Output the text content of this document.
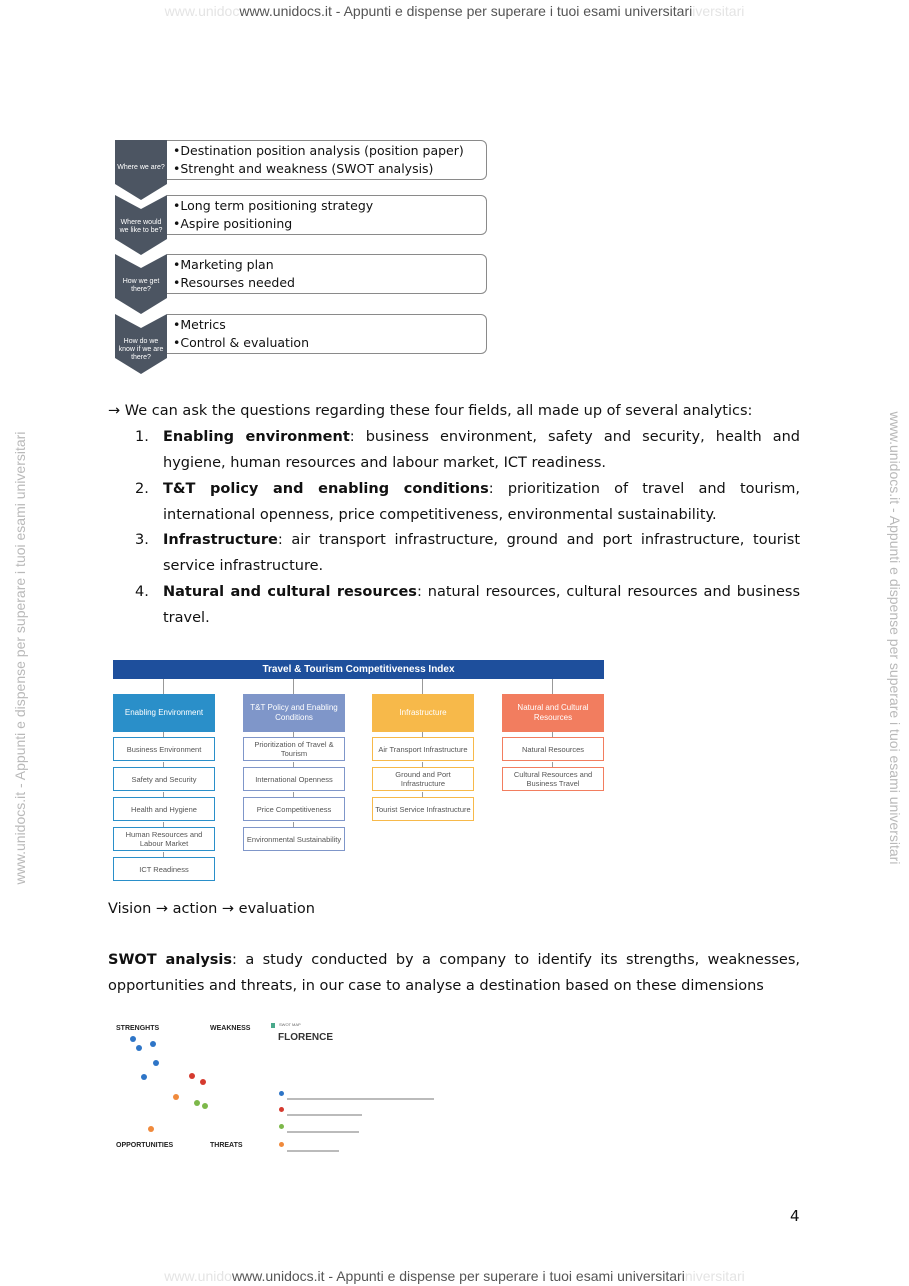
www.unidocwww.unidocs.it - Appunti e dispense per superare i tuoi esami universitariiversitari
www.unidocs.it - Appunti e dispense per superare i tuoi esami universitari	www.unidocs.it - Appunti e dispense per superare i tuoi esami universitari
Where we are?
• Destination position analysis (position paper)
• Strenght and weakness (SWOT analysis)
Where would we like to be?
• Long term positioning strategy
• Aspire positioning
How we get there?
• Marketing plan
• Resourses needed
How do we know if we are there?
• Metrics
• Control & evaluation
→ We can ask the questions regarding these four fields, all made up of several analytics:
1. Enabling environment: business environment, safety and security, health and hygiene, human resources and labour market, ICT readiness.
2. T&T policy and enabling conditions: prioritization of travel and tourism, international openness, price competitiveness, environmental sustainability.
3. Infrastructure: air transport infrastructure, ground and port infrastructure, tourist service infrastructure.
4. Natural and cultural resources: natural resources, cultural resources and business travel.
Travel & Tourism Competitiveness Index
Enabling Environment
Business Environment
Safety and Security
Health and Hygiene
Human Resources and Labour Market
ICT Readiness
T&T Policy and Enabling Conditions
Prioritization of Travel & Tourism
International Openness
Price Competitiveness
Environmental Sustainability
Infrastructure
Air Transport Infrastructure
Ground and Port Infrastructure
Tourist Service Infrastructure
Natural and Cultural Resources
Natural Resources
Cultural Resources and Business Travel
Vision → action → evaluation
SWOT analysis: a study conducted by a company to identify its strengths, weaknesses, opportunities and threats, in our case to analyse a destination based on these dimensions
STRENGHTS	WEAKNESS
OPPORTUNITIES	THREATS
SWOT MAP
FLORENCE
4
www.unidowww.unidocs.it - Appunti e dispense per superare i tuoi esami universitariniversitari
